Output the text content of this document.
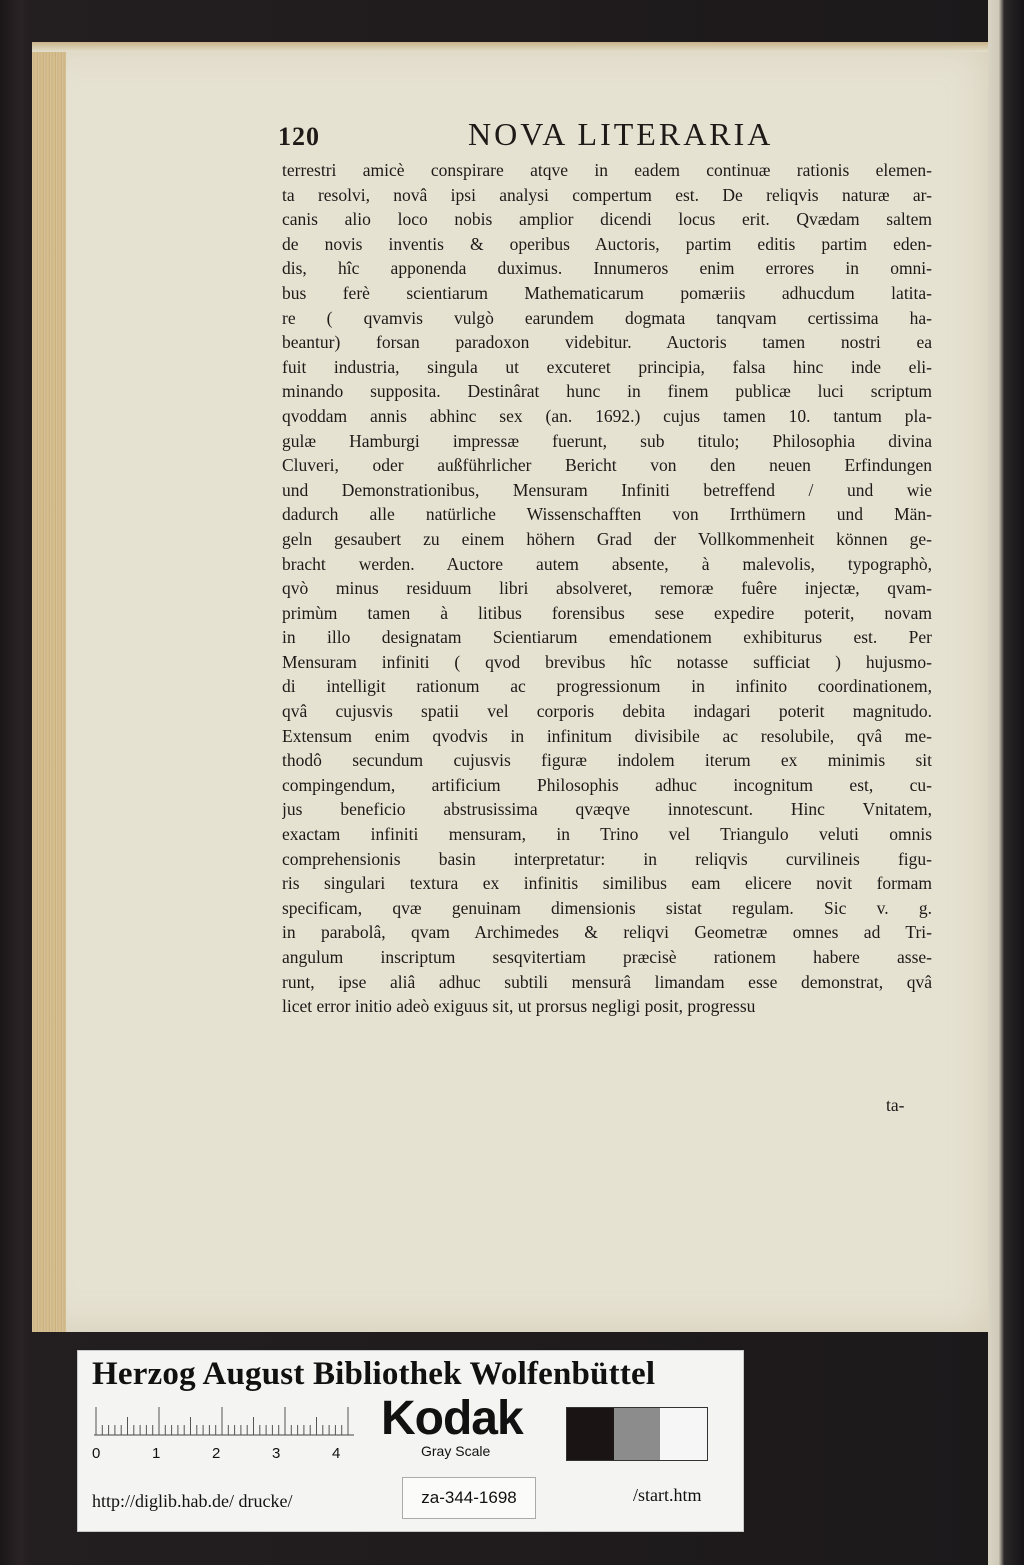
120	NOVA LITERARIA
terrestri amicè conspirare atqve in eadem continuæ rationis elemen-
ta resolvi, novâ ipsi analysi compertum est. De reliqvis naturæ ar-
canis alio loco nobis amplior dicendi locus erit. Qvædam saltem
de novis inventis & operibus Auctoris, partim editis partim eden-
dis, hîc apponenda duximus. Innumeros enim errores in omni-
bus ferè scientiarum Mathematicarum pomæriis adhucdum latita-
re ( qvamvis vulgò earundem dogmata tanqvam certissima ha-
beantur) forsan paradoxon videbitur. Auctoris tamen nostri ea
fuit industria, singula ut excuteret principia, falsa hinc inde eli-
minando supposita. Destinârat hunc in finem publicæ luci scriptum
qvoddam annis abhinc sex (an. 1692.) cujus tamen 10. tantum pla-
gulæ Hamburgi impressæ fuerunt, sub titulo; Philosophia divina
Cluveri, oder außführlicher Bericht von den neuen Erfindungen
und Demonstrationibus, Mensuram Infiniti betreffend / und wie
dadurch alle natürliche Wissenschafften von Irrthümern und Män-
geln gesaubert zu einem höhern Grad der Vollkommenheit können ge-
bracht werden. Auctore autem absente, à malevolis, typographò,
qvò minus residuum libri absolveret, remoræ fuêre injectæ, qvam-
primùm tamen à litibus forensibus sese expedire poterit, novam
in illo designatam Scientiarum emendationem exhibiturus est. Per
Mensuram infiniti ( qvod brevibus hîc notasse sufficiat ) hujusmo-
di intelligit rationum ac progressionum in infinito coordinationem,
qvâ cujusvis spatii vel corporis debita indagari poterit magnitudo.
Extensum enim qvodvis in infinitum divisibile ac resolubile, qvâ me-
thodô secundum cujusvis figuræ indolem iterum ex minimis sit
compingendum, artificium Philosophis adhuc incognitum est, cu-
jus beneficio abstrusissima qvæqve innotescunt. Hinc Vnitatem,
exactam infiniti mensuram, in Trino vel Triangulo veluti omnis
comprehensionis basin interpretatur: in reliqvis curvilineis figu-
ris singulari textura ex infinitis similibus eam elicere novit formam
specificam, qvæ genuinam dimensionis sistat regulam. Sic v. g.
in parabolâ, qvam Archimedes & reliqvi Geometræ omnes ad Tri-
angulum inscriptum sesqvitertiam præcisè rationem habere asse-
runt, ipse aliâ adhuc subtili mensurâ limandam esse demonstrat, qvâ
licet error initio adeò exiguus sit, ut prorsus negligi posit, progressu
ta-
Herzog August Bibliothek Wolfenbüttel
0	1	2	3	4
Kodak
Gray Scale
http://diglib.hab.de/ drucke/	za-344-1698	/start.htm
